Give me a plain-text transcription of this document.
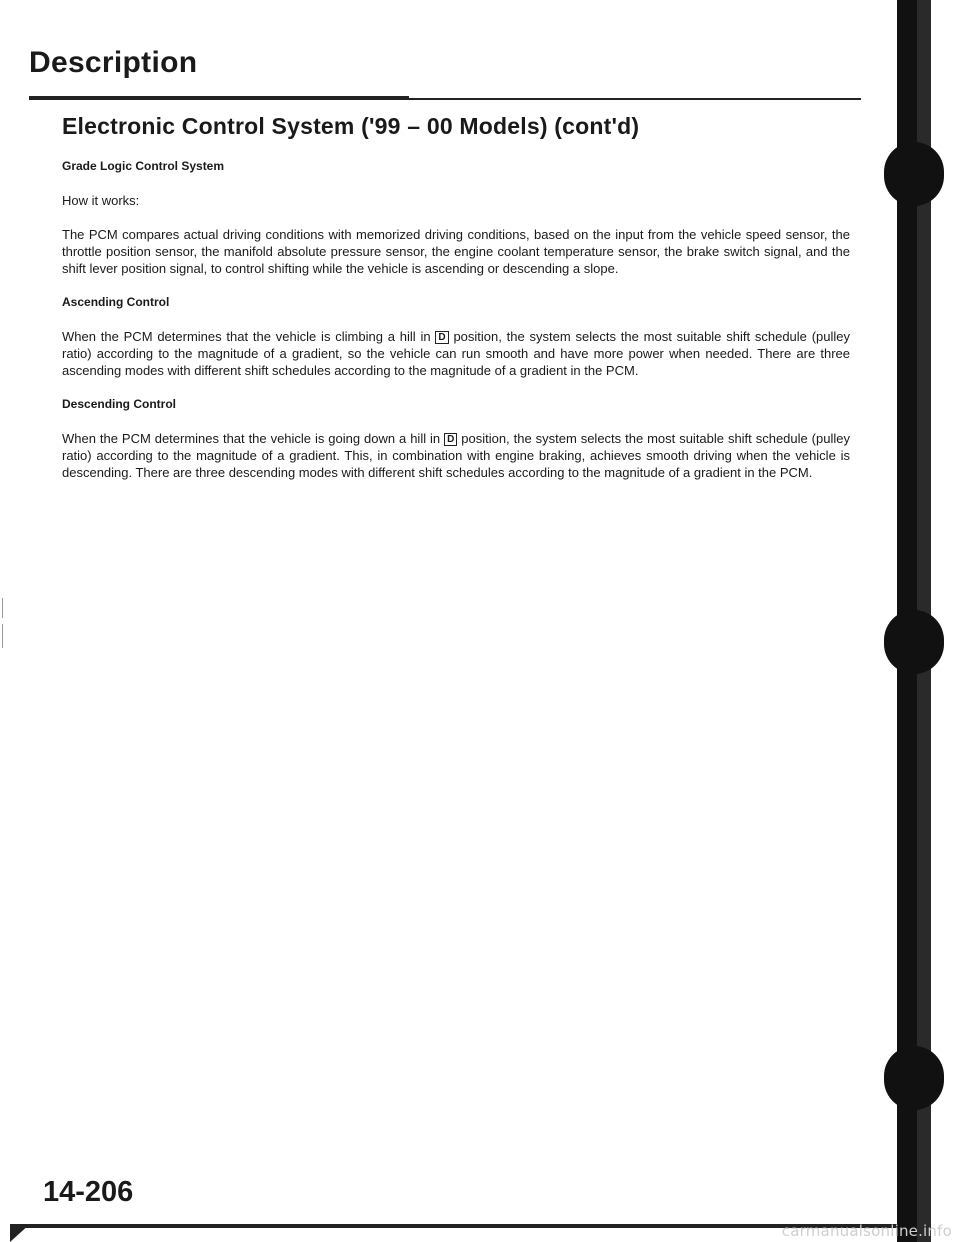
Description
Electronic Control System ('99 – 00 Models) (cont'd)
Grade Logic Control System

How it works:

The PCM compares actual driving conditions with memorized driving conditions, based on the input from the vehicle speed sensor, the throttle position sensor, the manifold absolute pressure sensor, the engine coolant temperature sensor, the brake switch signal, and the shift lever position signal, to control shifting while the vehicle is ascending or descending a slope.

Ascending Control

When the PCM determines that the vehicle is climbing a hill in D position, the system selects the most suitable shift schedule (pulley ratio) according to the magnitude of a gradient, so the vehicle can run smooth and have more power when needed. There are three ascending modes with different shift schedules according to the magnitude of a gradient in the PCM.

Descending Control

When the PCM determines that the vehicle is going down a hill in D position, the system selects the most suitable shift schedule (pulley ratio) according to the magnitude of a gradient. This, in combination with engine braking, achieves smooth driving when the vehicle is descending. There are three descending modes with different shift schedules according to the magnitude of a gradient in the PCM.

14-206
carmanualsonline.info
